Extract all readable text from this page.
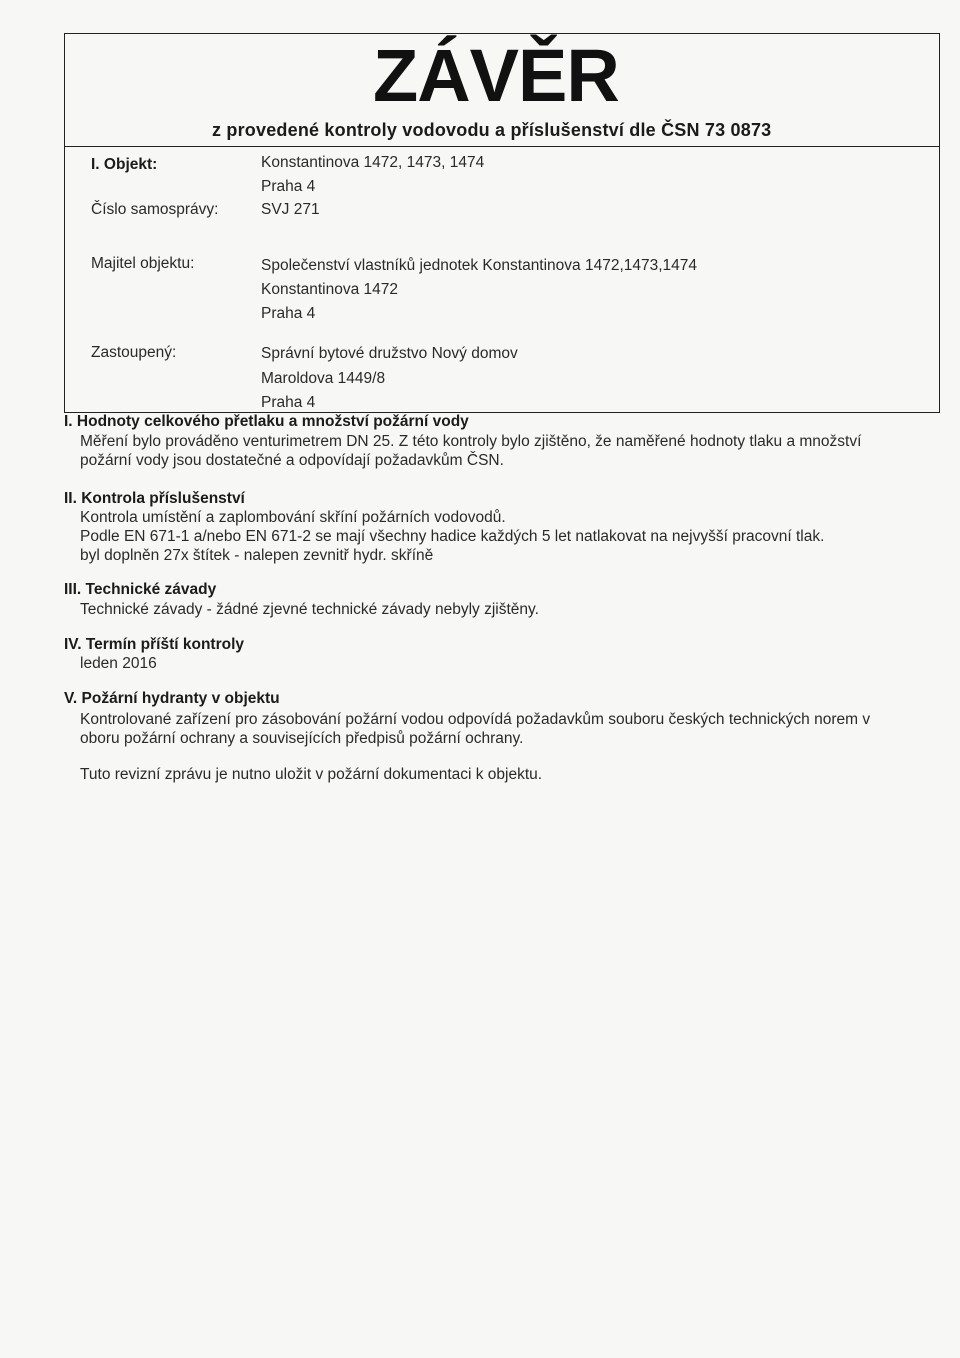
ZÁVĚR
z provedené kontroly vodovodu a příslušenství dle ČSN 73 0873
I. Objekt:	Konstantinova 1472, 1473, 1474
Praha 4
Číslo samosprávy:	SVJ 271
Majitel objektu:	Společenství vlastníků jednotek Konstantinova 1472,1473,1474
Konstantinova 1472
Praha 4
Zastoupený:	Správní bytové družstvo Nový domov
Maroldova 1449/8
Praha 4
I. Hodnoty celkového přetlaku a množství požární vody
Měření bylo prováděno venturimetrem DN 25. Z této kontroly bylo zjištěno, že naměřené hodnoty tlaku a množství
požární vody jsou dostatečné a odpovídají požadavkům ČSN.
II. Kontrola příslušenství
Kontrola umístění a zaplombování skříní požárních vodovodů.
Podle EN 671-1 a/nebo EN 671-2 se mají všechny hadice každých 5 let natlakovat na nejvyšší pracovní tlak.
byl doplněn 27x štítek - nalepen zevnitř hydr. skříně
III. Technické závady
Technické závady - žádné zjevné technické závady nebyly zjištěny.
IV. Termín příští kontroly
leden 2016
V. Požární hydranty v objektu
Kontrolované zařízení pro zásobování požární vodou odpovídá požadavkům souboru českých technických norem v
oboru požární ochrany a souvisejících předpisů požární ochrany.
Tuto revizní zprávu je nutno uložit v požární dokumentaci k objektu.
